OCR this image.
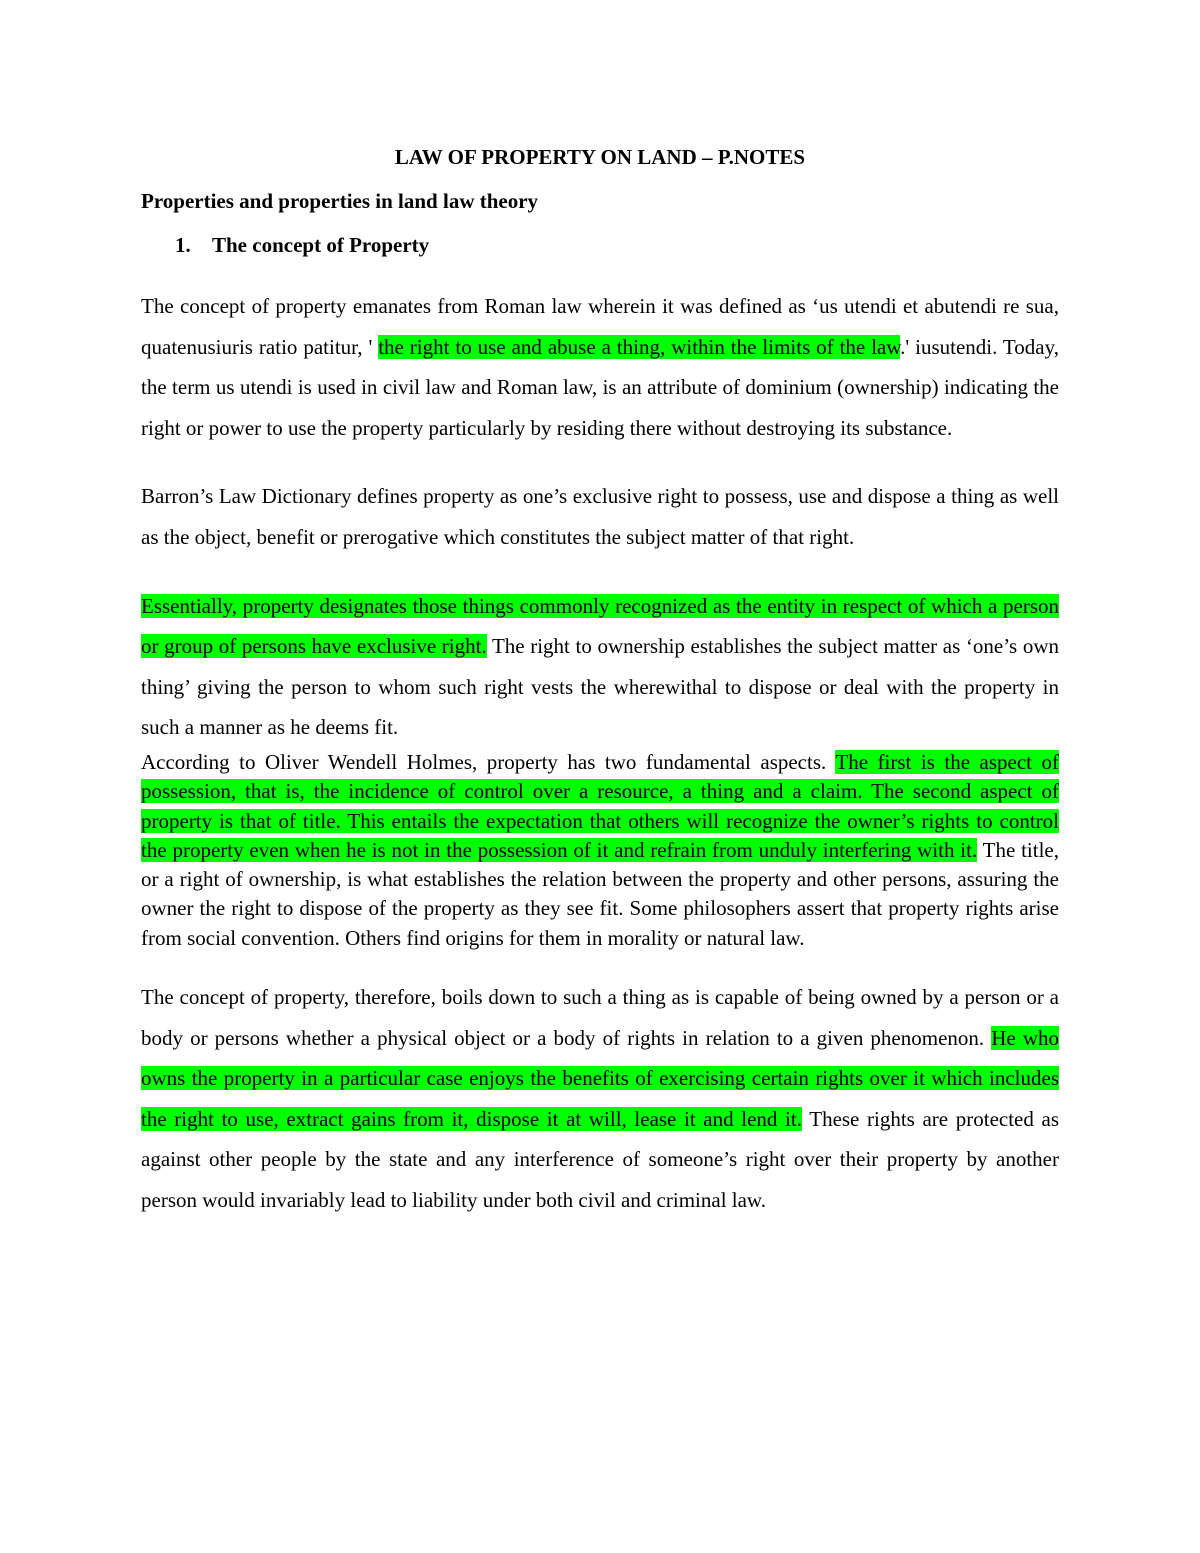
LAW OF PROPERTY ON LAND – P.NOTES
Properties and properties in land law theory
1. The concept of Property

The concept of property emanates from Roman law wherein it was defined as ‘us utendi et abutendi re sua, quatenusiuris ratio patitur, ' the right to use and abuse a thing, within the limits of the law.' iusutendi. Today, the term us utendi is used in civil law and Roman law, is an attribute of dominium (ownership) indicating the right or power to use the property particularly by residing there without destroying its substance.

Barron’s Law Dictionary defines property as one’s exclusive right to possess, use and dispose a thing as well as the object, benefit or prerogative which constitutes the subject matter of that right.

Essentially, property designates those things commonly recognized as the entity in respect of which a person or group of persons have exclusive right. The right to ownership establishes the subject matter as ‘one’s own thing’ giving the person to whom such right vests the wherewithal to dispose or deal with the property in such a manner as he deems fit.

According to Oliver Wendell Holmes, property has two fundamental aspects. The first is the aspect of possession, that is, the incidence of control over a resource, a thing and a claim. The second aspect of property is that of title. This entails the expectation that others will recognize the owner’s rights to control the property even when he is not in the possession of it and refrain from unduly interfering with it. The title, or a right of ownership, is what establishes the relation between the property and other persons, assuring the owner the right to dispose of the property as they see fit. Some philosophers assert that property rights arise from social convention. Others find origins for them in morality or natural law.

The concept of property, therefore, boils down to such a thing as is capable of being owned by a person or a body or persons whether a physical object or a body of rights in relation to a given phenomenon. He who owns the property in a particular case enjoys the benefits of exercising certain rights over it which includes the right to use, extract gains from it, dispose it at will, lease it and lend it. These rights are protected as against other people by the state and any interference of someone’s right over their property by another person would invariably lead to liability under both civil and criminal law.
